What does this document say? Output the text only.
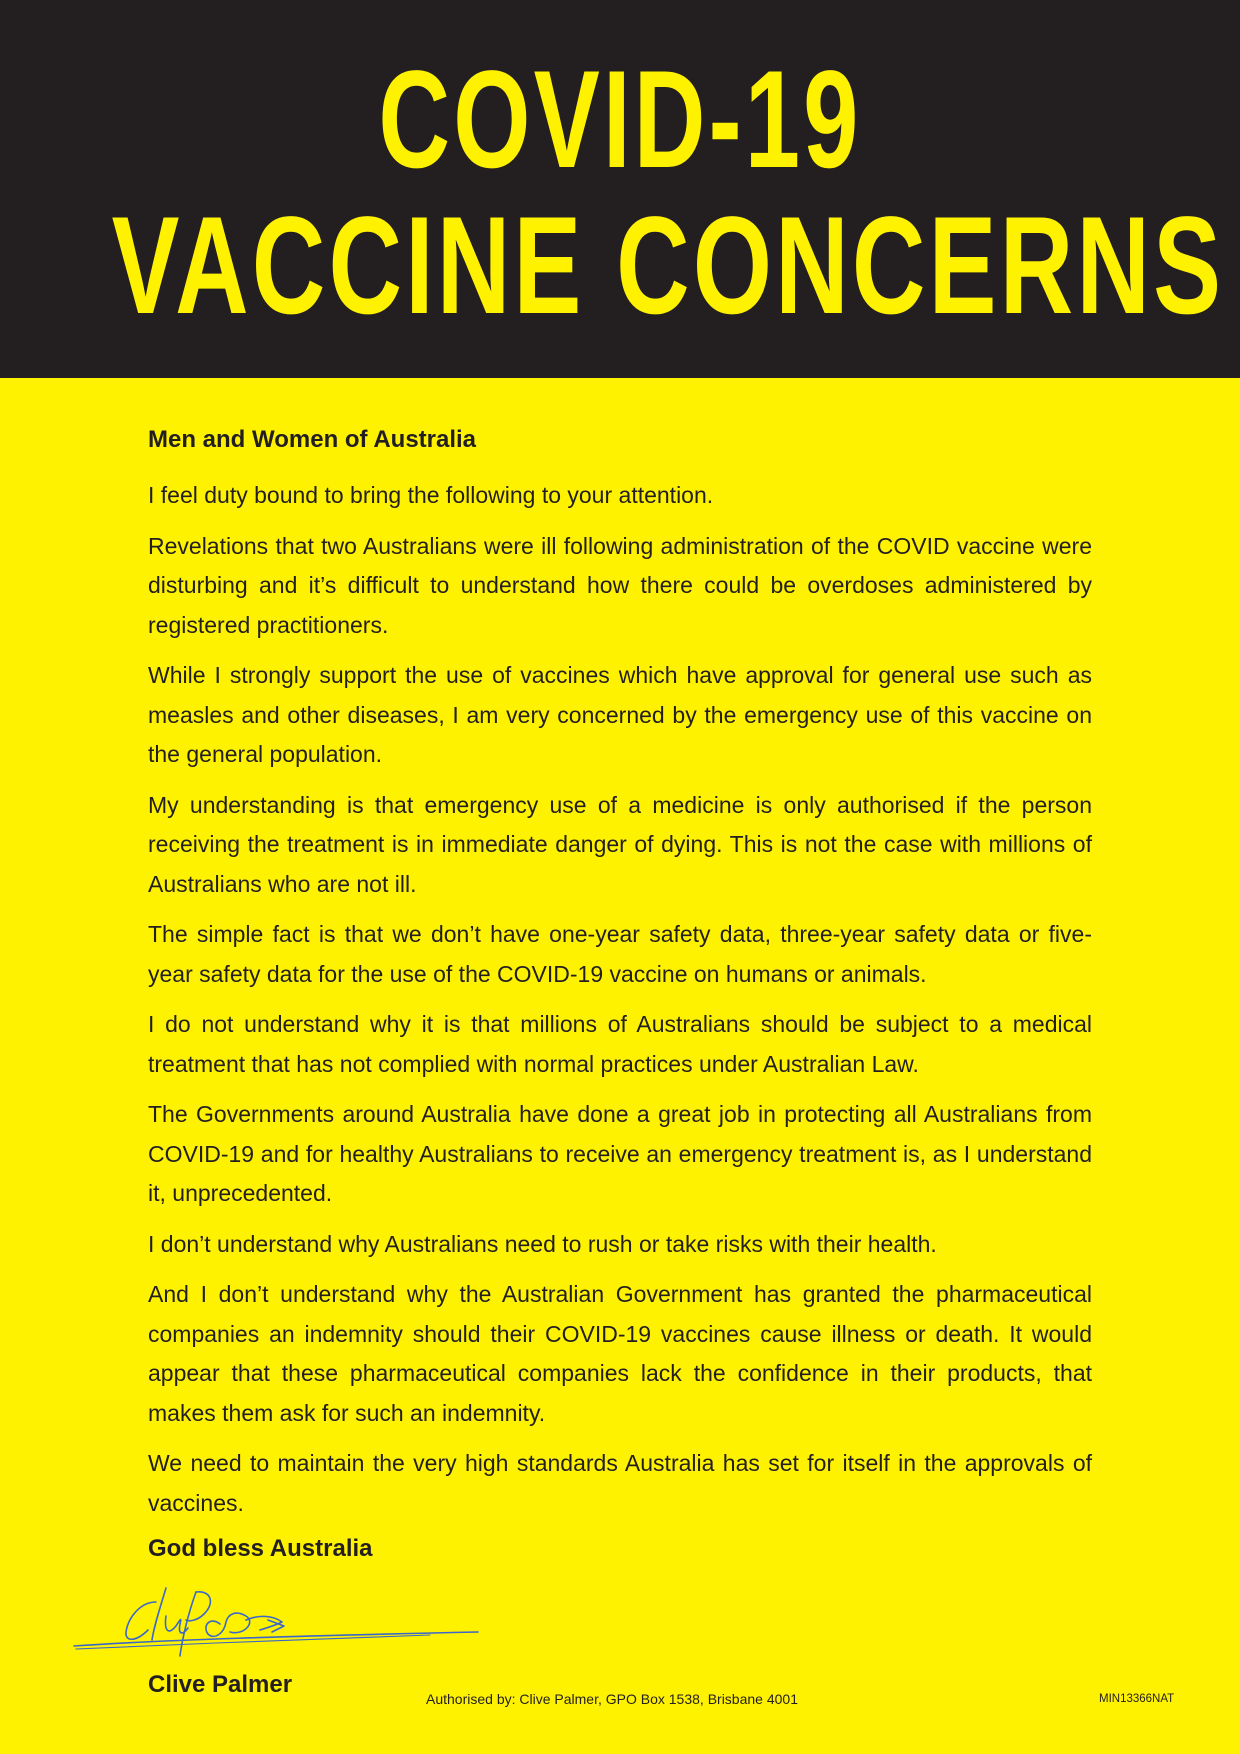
COVID-19
VACCINE CONCERNS

Men and Women of Australia

I feel duty bound to bring the following to your attention.

Revelations that two Australians were ill following administration of the COVID vaccine were disturbing and it’s difficult to understand how there could be overdoses administered by registered practitioners.

While I strongly support the use of vaccines which have approval for general use such as measles and other diseases, I am very concerned by the emergency use of this vaccine on the general population.

My understanding is that emergency use of a medicine is only authorised if the person receiving the treatment is in immediate danger of dying. This is not the case with millions of Australians who are not ill.

The simple fact is that we don’t have one-year safety data, three-year safety data or five-year safety data for the use of the COVID-19 vaccine on humans or animals.

I do not understand why it is that millions of Australians should be subject to a medical treatment that has not complied with normal practices under Australian Law.

The Governments around Australia have done a great job in protecting all Australians from COVID-19 and for healthy Australians to receive an emergency treatment is, as I understand it, unprecedented.

I don’t understand why Australians need to rush or take risks with their health.

And I don’t understand why the Australian Government has granted the pharmaceutical companies an indemnity should their COVID-19 vaccines cause illness or death. It would appear that these pharmaceutical companies lack the confidence in their products, that makes them ask for such an indemnity.

We need to maintain the very high standards Australia has set for itself in the approvals of vaccines.

God bless Australia

Clive Palmer
Authorised by: Clive Palmer, GPO Box 1538, Brisbane 4001	MIN13366NAT
